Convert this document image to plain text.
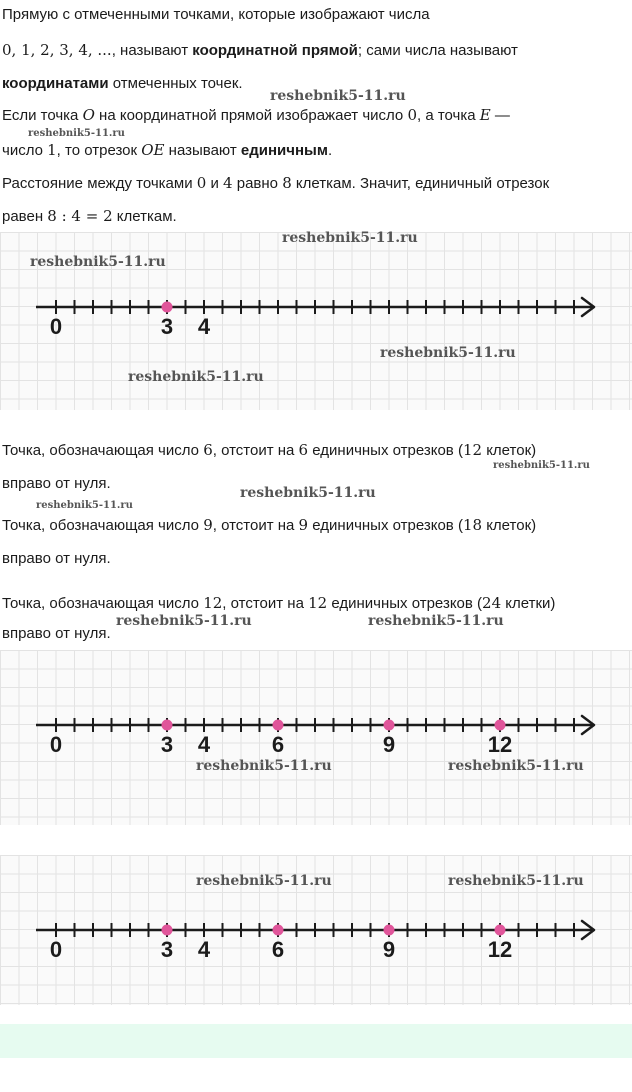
Прямую с отмеченными точками, которые изображают числа
0, 1, 2, 3, 4, ..., называют координатной прямой; сами числа называют
координатами отмеченных точек.
Если точка O на координатной прямой изображает число 0, а точка E —
число 1, то отрезок OE называют единичным.
Расстояние между точками 0 и 4 равно 8 клеткам. Значит, единичный отрезок
равен 8 : 4 = 2 клеткам.
0	3 4
Точка, обозначающая число 6, отстоит на 6 единичных отрезков (12 клеток)
вправо от нуля.
Точка, обозначающая число 9, отстоит на 9 единичных отрезков (18 клеток)
вправо от нуля.
Точка, обозначающая число 12, отстоит на 12 единичных отрезков (24 клетки)
вправо от нуля.
0	3 4	6	9	12
0	3 4	6	9	12
reshebnik5-11.ru
reshebnik5-11.ru
reshebnik5-11.ru
reshebnik5-11.ru
reshebnik5-11.ru
reshebnik5-11.ru
reshebnik5-11.ru
reshebnik5-11.ru
reshebnik5-11.ru
reshebnik5-11.ru	reshebnik5-11.ru
reshebnik5-11.ru	reshebnik5-11.ru
reshebnik5-11.ru	reshebnik5-11.ru
